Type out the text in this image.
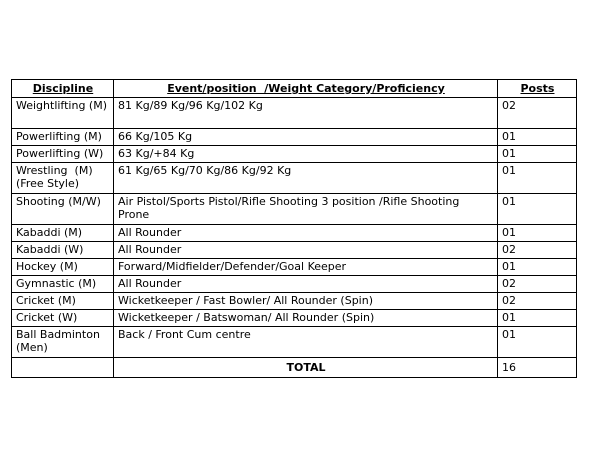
Discipline	Event/position  /Weight Category/Proficiency	Posts
Weightlifting (M)	81 Kg/89 Kg/96 Kg/102 Kg	02
Powerlifting (M)	66 Kg/105 Kg	01
Powerlifting (W)	63 Kg/+84 Kg	01
Wrestling  (M) (Free Style)	61 Kg/65 Kg/70 Kg/86 Kg/92 Kg	01
Shooting (M/W)	Air Pistol/Sports Pistol/Rifle Shooting 3 position /Rifle Shooting Prone	01
Kabaddi (M)	All Rounder	01
Kabaddi (W)	All Rounder	02
Hockey (M)	Forward/Midfielder/Defender/Goal Keeper	01
Gymnastic (M)	All Rounder	02
Cricket (M)	Wicketkeeper / Fast Bowler/ All Rounder (Spin)	02
Cricket (W)	Wicketkeeper / Batswoman/ All Rounder (Spin)	01
Ball Badminton (Men)	Back / Front Cum centre	01
	TOTAL	16
